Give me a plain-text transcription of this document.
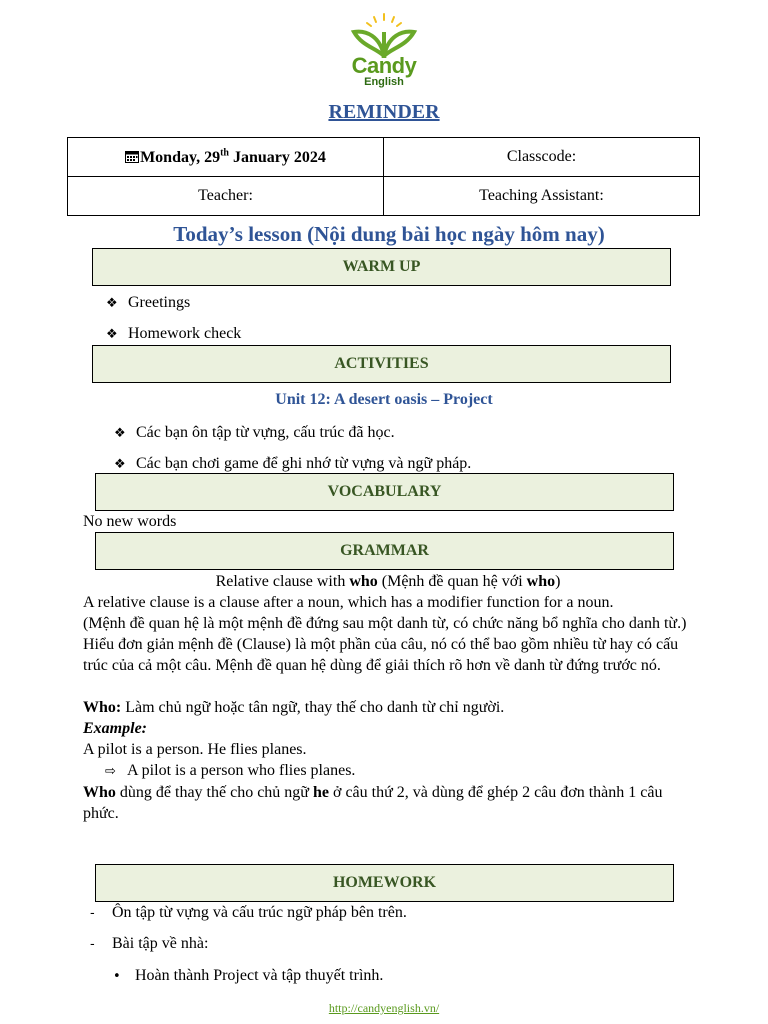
Candy
English
REMINDER
Monday, 29th January 2024	Classcode:
Teacher:	Teaching Assistant:
Today’s lesson (Nội dung bài học ngày hôm nay)
WARM UP
❖ Greetings
❖ Homework check
ACTIVITIES
Unit 12: A desert oasis – Project
❖ Các bạn ôn tập từ vựng, cấu trúc đã học.
❖ Các bạn chơi game để ghi nhớ từ vựng và ngữ pháp.
VOCABULARY
No new words
GRAMMAR
Relative clause with who (Mệnh đề quan hệ với who)
A relative clause is a clause after a noun, which has a modifier function for a noun.
(Mệnh đề quan hệ là một mệnh đề đứng sau một danh từ, có chức năng bổ nghĩa cho danh từ.)
Hiểu đơn giản mệnh đề (Clause) là một phần của câu, nó có thể bao gồm nhiều từ hay có cấu trúc của cả một câu. Mệnh đề quan hệ dùng để giải thích rõ hơn về danh từ đứng trước nó.
Who: Làm chủ ngữ hoặc tân ngữ, thay thế cho danh từ chỉ người.
Example:
A pilot is a person. He flies planes.
⇨ A pilot is a person who flies planes.
Who dùng để thay thế cho chủ ngữ he ở câu thứ 2, và dùng để ghép 2 câu đơn thành 1 câu phức.
HOMEWORK
- Ôn tập từ vựng và cấu trúc ngữ pháp bên trên.
- Bài tập về nhà:
• Hoàn thành Project và tập thuyết trình.
http://candyenglish.vn/
